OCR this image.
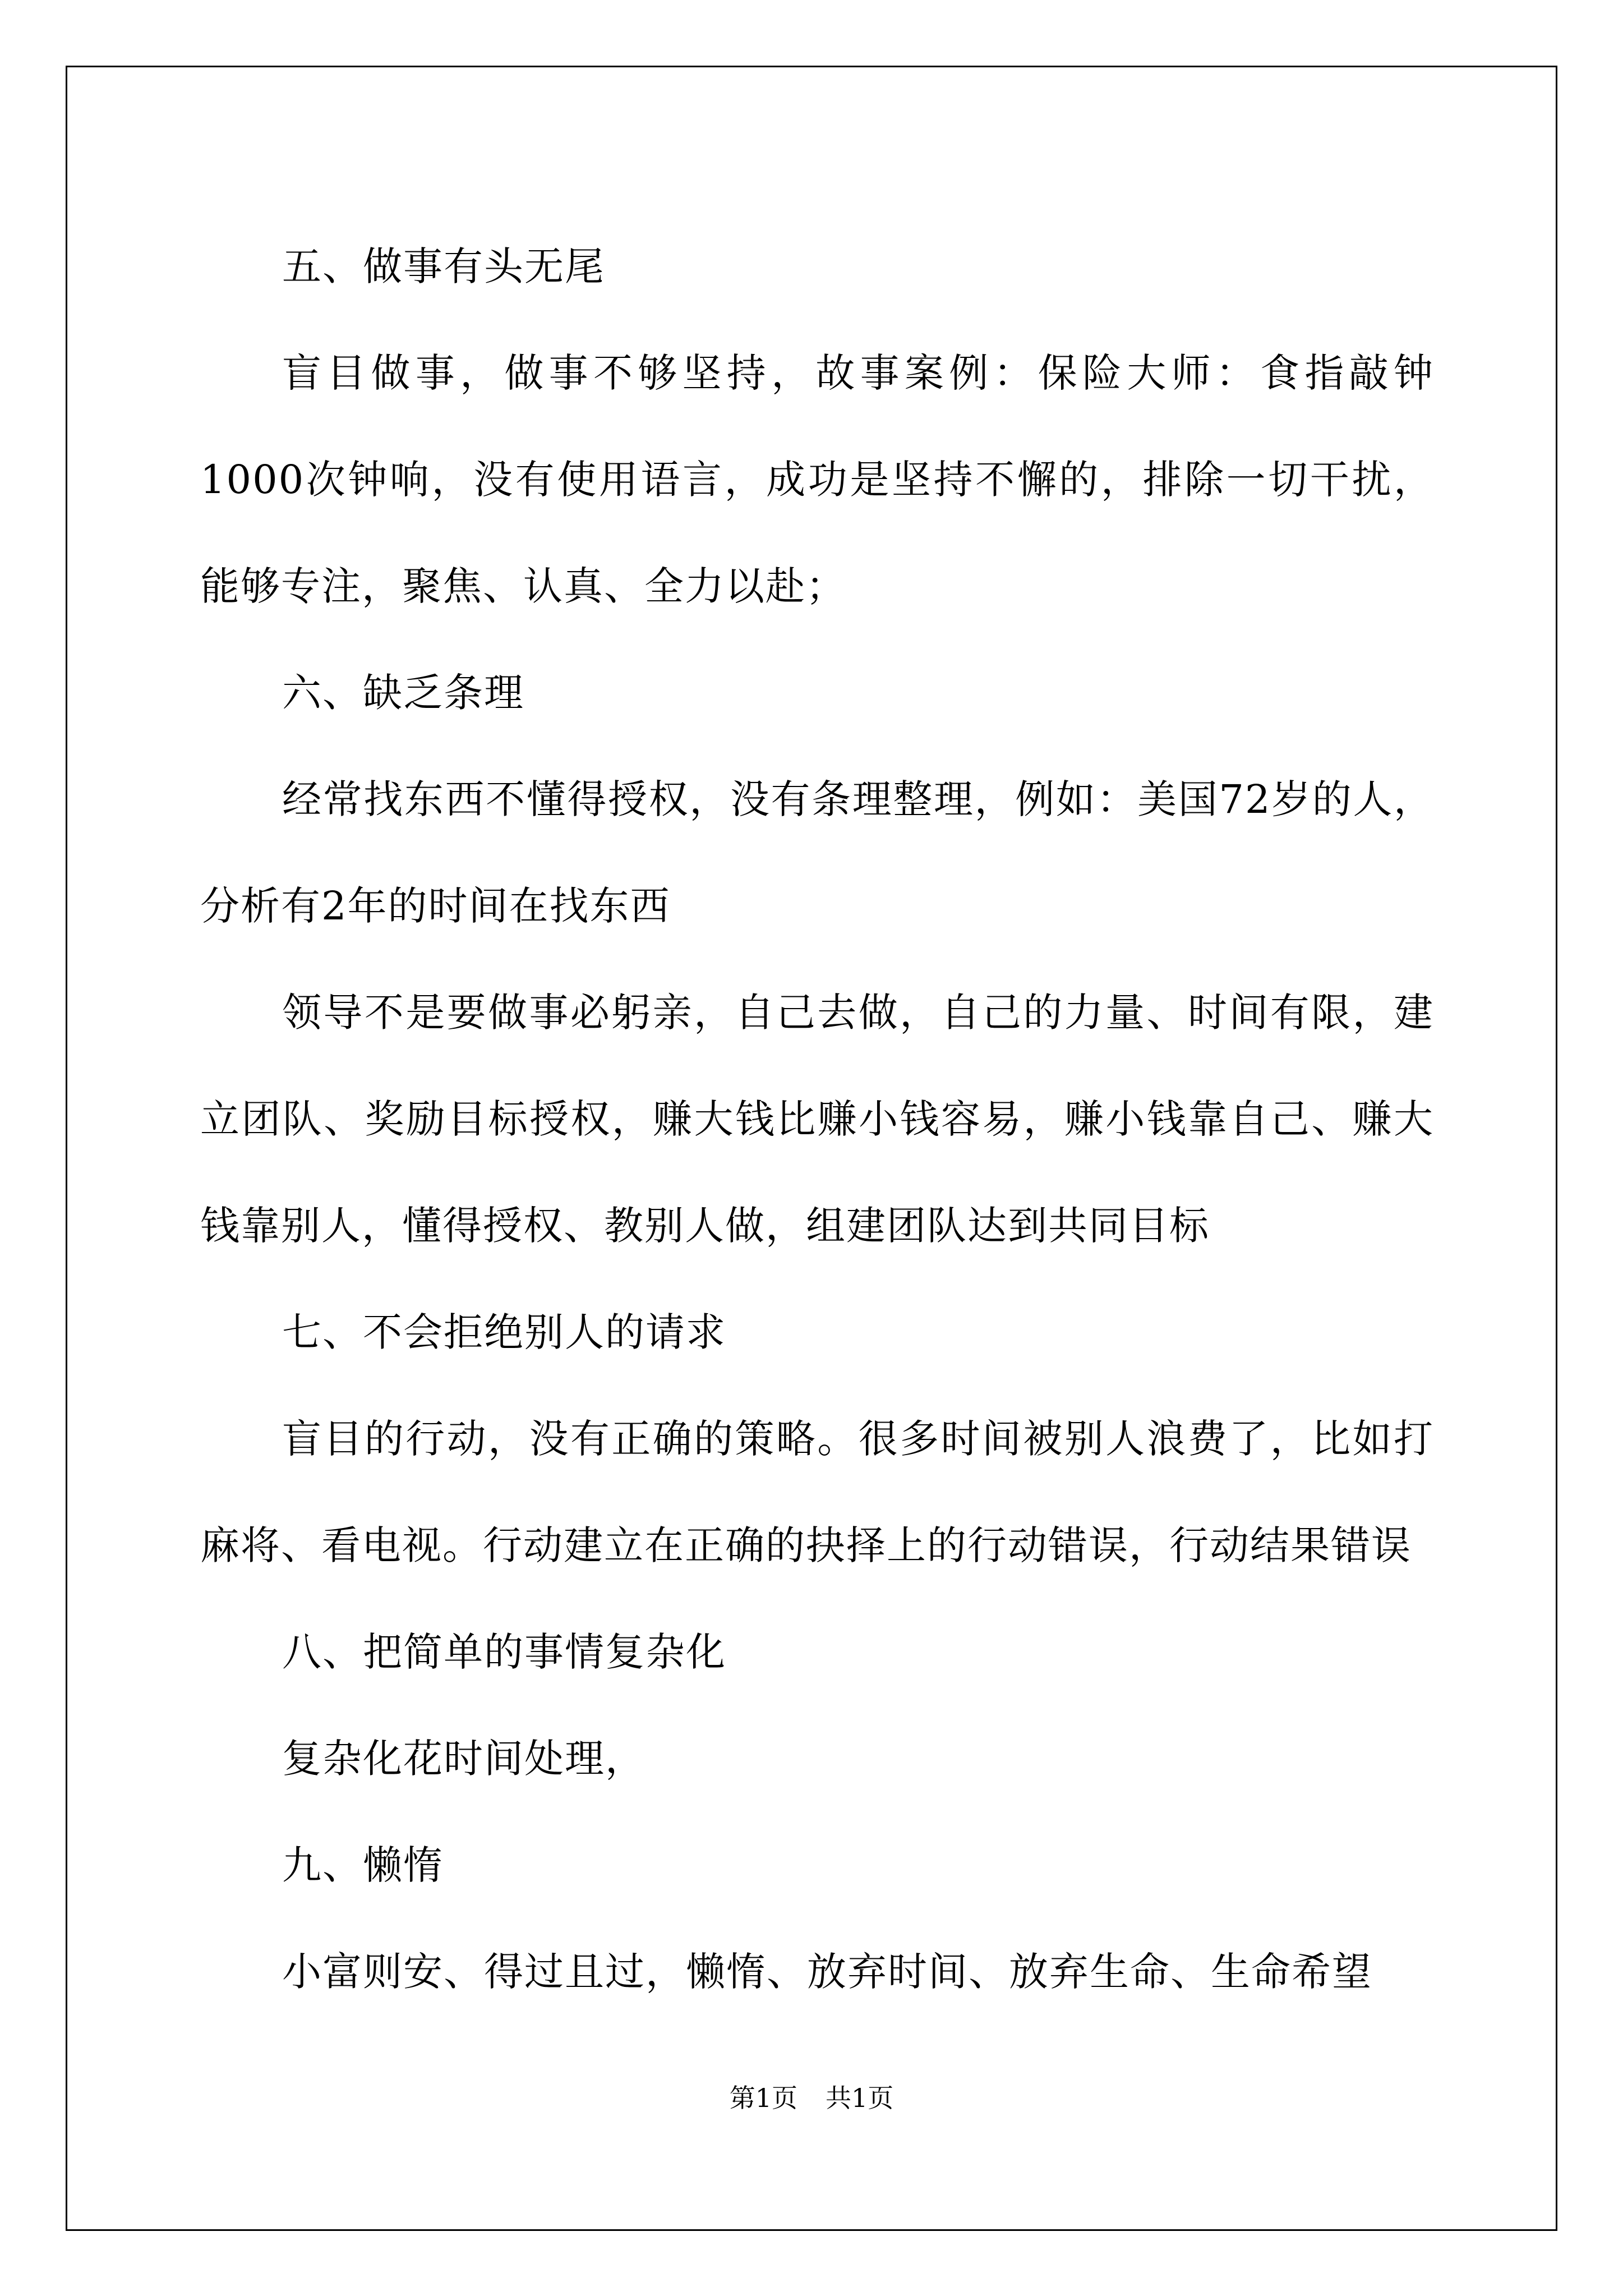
五、做事有头无尾

盲目做事，做事不够坚持，故事案例：保险大师：食指敲钟1000次钟响，没有使用语言，成功是坚持不懈的，排除一切干扰，能够专注，聚焦、认真、全力以赴；

六、缺乏条理

经常找东西不懂得授权，没有条理整理，例如：美国72岁的人，分析有2年的时间在找东西

领导不是要做事必躬亲，自己去做，自己的力量、时间有限，建立团队、奖励目标授权，赚大钱比赚小钱容易，赚小钱靠自己、赚大钱靠别人，懂得授权、教别人做，组建团队达到共同目标

七、不会拒绝别人的请求

盲目的行动，没有正确的策略。很多时间被别人浪费了，比如打麻将、看电视。行动建立在正确的抉择上的行动错误，行动结果错误

八、把简单的事情复杂化

复杂化花时间处理，

九、懒惰

小富则安、得过且过，懒惰、放弃时间、放弃生命、生命希望

第1页 共1页
